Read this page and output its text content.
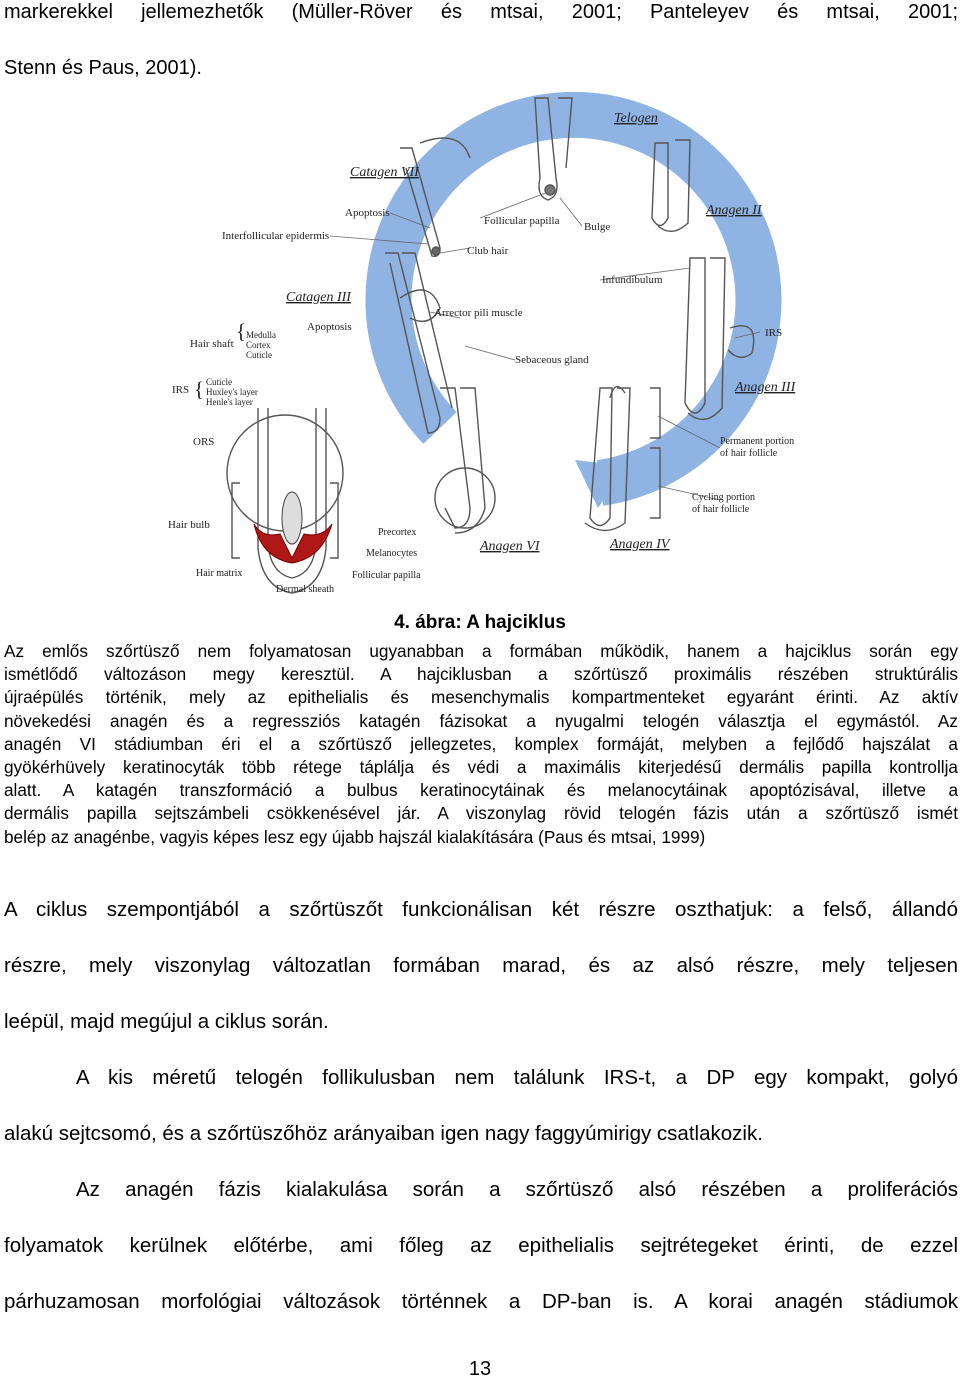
markerekkel jellemezhetők (Müller-Röver és mtsai, 2001; Panteleyev és mtsai, 2001;
Stenn és Paus, 2001).
Telogen
Catagen VII
Anagen II
Catagen III
Anagen III
Anagen IV
Anagen VI
Apoptosis
Interfollicular epidermis
Follicular papilla Bulge
Club hair
Infundibulum
Apoptosis
Arrector pili muscle
IRS
Sebaceous gland
Hair shaft
{ Medulla
Cortex
Cuticle
IRS { Cuticle
Huxley's layer
Henle's layer
ORS	Permanent portion
of hair follicle
Cycling portion
of hair follicle
Hair bulb
Precortex
Melanocytes
Hair matrix	Follicular papilla
Dermal sheath
4. ábra: A hajciklus
Az emlős szőrtüsző nem folyamatosan ugyanabban a formában működik, hanem a hajciklus során egy
ismétlődő változáson megy keresztül. A hajciklusban a szőrtüsző proximális részében struktúrális
újraépülés történik, mely az epithelialis és mesenchymalis kompartmenteket egyaránt érinti. Az aktív
növekedési anagén és a regressziós katagén fázisokat a nyugalmi telogén választja el egymástól. Az
anagén VI stádiumban éri el a szőrtüsző jellegzetes, komplex formáját, melyben a fejlődő hajszálat a
gyökérhüvely keratinocyták több rétege táplálja és védi a maximális kiterjedésű dermális papilla kontrollja
alatt. A katagén transzformáció a bulbus keratinocytáinak és melanocytáinak apoptózisával, illetve a
dermális papilla sejtszámbeli csökkenésével jár. A viszonylag rövid telogén fázis után a szőrtüsző ismét
belép az anagénbe, vagyis képes lesz egy újabb hajszál kialakítására (Paus és mtsai, 1999)
A ciklus szempontjából a szőrtüszőt funkcionálisan két részre oszthatjuk: a felső, állandó
részre, mely viszonylag változatlan formában marad, és az alsó részre, mely teljesen
leépül, majd megújul a ciklus során.
A kis méretű telogén follikulusban nem találunk IRS-t, a DP egy kompakt, golyó
alakú sejtcsomó, és a szőrtüszőhöz arányaiban igen nagy faggyúmirigy csatlakozik.
Az anagén fázis kialakulása során a szőrtüsző alsó részében a proliferációs
folyamatok kerülnek előtérbe, ami főleg az epithelialis sejtrétegeket érinti, de ezzel
párhuzamosan morfológiai változások történnek a DP-ban is. A korai anagén stádiumok
13
